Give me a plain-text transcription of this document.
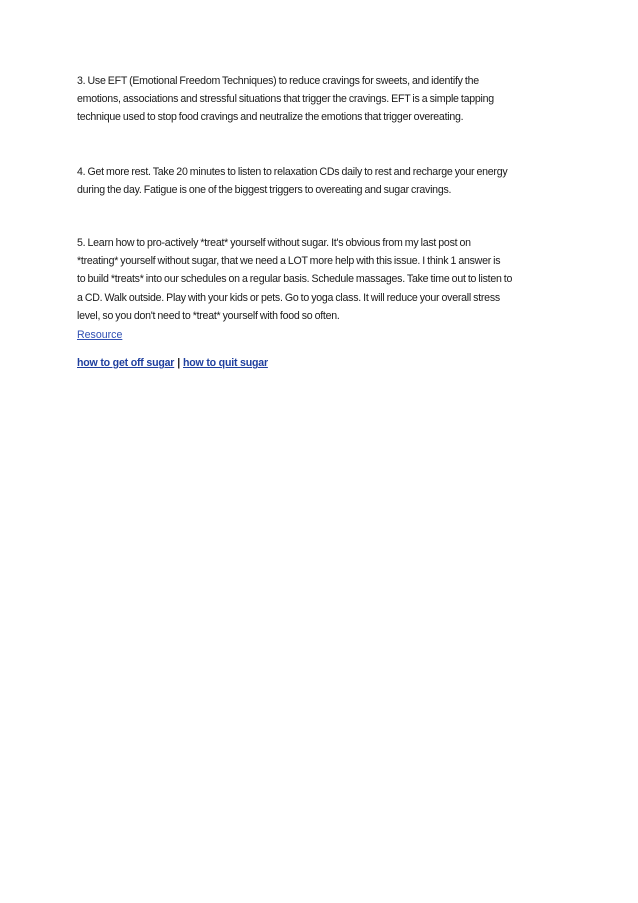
3. Use EFT (Emotional Freedom Techniques) to reduce cravings for sweets, and identify the
emotions, associations and stressful situations that trigger the cravings. EFT is a simple tapping
technique used to stop food cravings and neutralize the emotions that trigger overeating.

4. Get more rest. Take 20 minutes to listen to relaxation CDs daily to rest and recharge your energy
during the day. Fatigue is one of the biggest triggers to overeating and sugar cravings.

5. Learn how to pro-actively *treat* yourself without sugar. It's obvious from my last post on
*treating* yourself without sugar, that we need a LOT more help with this issue. I think 1 answer is
to build *treats* into our schedules on a regular basis. Schedule massages. Take time out to listen to
a CD. Walk outside. Play with your kids or pets. Go to yoga class. It will reduce your overall stress
level, so you don't need to *treat* yourself with food so often.

Resource
how to get off sugar | how to quit sugar
